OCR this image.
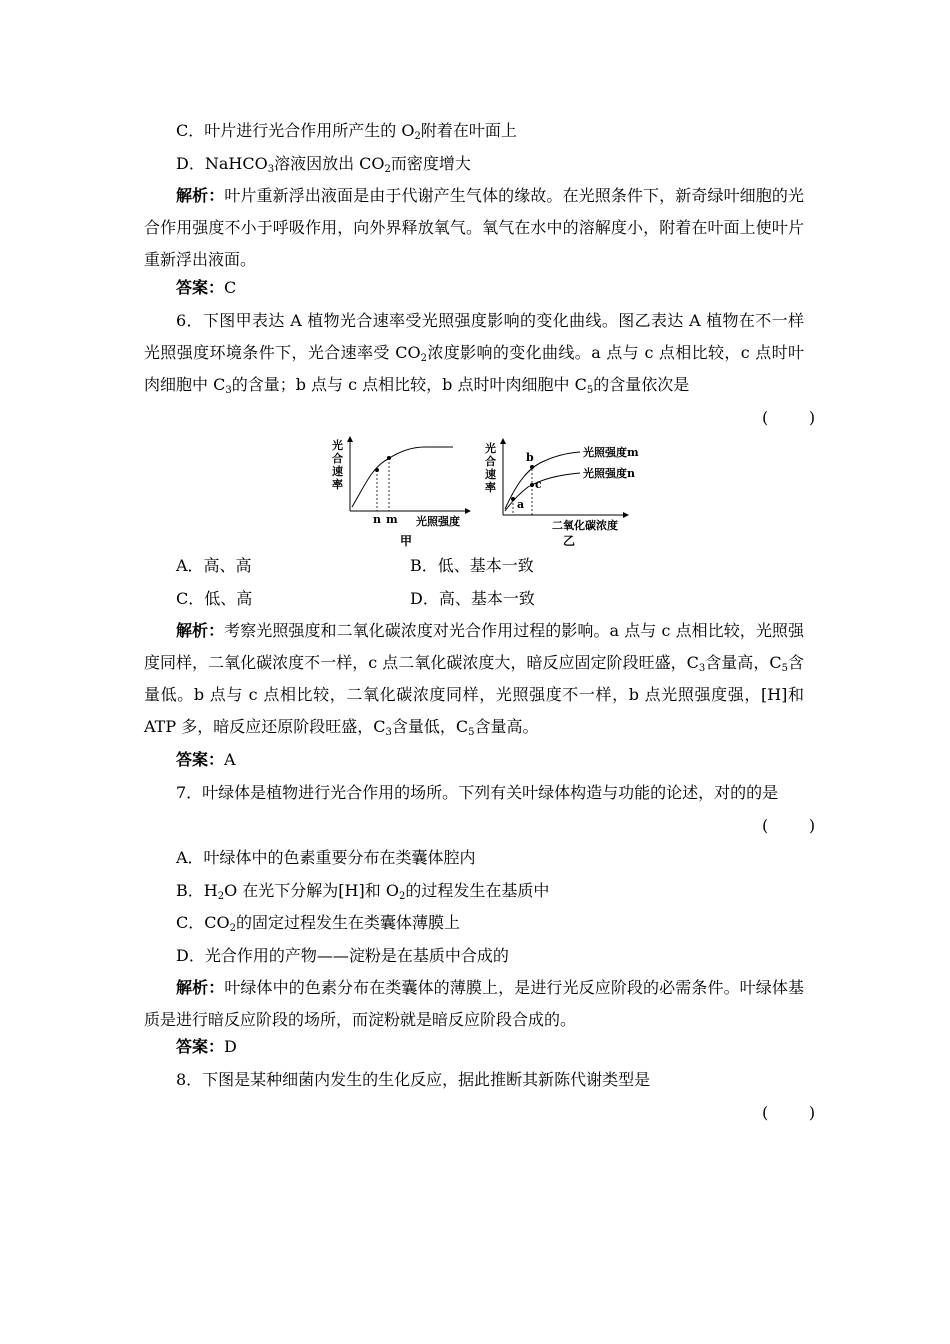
C．叶片进行光合作用所产生的 $O_2$附着在叶面上
D．NaHCO$_3$溶液因放出 $CO_2$而密度增大
解析：叶片重新浮出液面是由于代谢产生气体的缘故。在光照条件下，新奇绿叶细胞的光合作用强度不小于呼吸作用，向外界释放氧气。氧气在水中的溶解度小，附着在叶面上使叶片重新浮出液面。
答案：C
6．下图甲表达 A 植物光合速率受光照强度影响的变化曲线。图乙表达 A 植物在不一样光照强度环境条件下，光合速率受 $CO_2$浓度影响的变化曲线。a 点与 c 点相比较，c 点时叶肉细胞中 $C_3$的含量；b 点与 c 点相比较，b 点时叶肉细胞中 $C_5$的含量依次是
(        )
光
合
速
率
n m 光照强度
甲
光
合
速
率
a
b
c
光照强度m
光照强度n
二氧化碳浓度
乙
A．高、高	B．低、基本一致
C．低、高	D．高、基本一致
解析：考察光照强度和二氧化碳浓度对光合作用过程的影响。a 点与 c 点相比较，光照强度同样，二氧化碳浓度不一样，c 点二氧化碳浓度大，暗反应固定阶段旺盛，$C_3$含量高，$C_5$含量低。b 点与 c 点相比较，二氧化碳浓度同样，光照强度不一样，b 点光照强度强，[H]和 ATP 多，暗反应还原阶段旺盛，$C_3$含量低，$C_5$含量高。
答案：A
7．叶绿体是植物进行光合作用的场所。下列有关叶绿体构造与功能的论述，对的的是
(        )
A．叶绿体中的色素重要分布在类囊体腔内
B．$H_2O$ 在光下分解为[H]和 $O_2$的过程发生在基质中
C．$CO_2$的固定过程发生在类囊体薄膜上
D．光合作用的产物——淀粉是在基质中合成的
解析：叶绿体中的色素分布在类囊体的薄膜上，是进行光反应阶段的必需条件。叶绿体基质是进行暗反应阶段的场所，而淀粉就是暗反应阶段合成的。
答案：D
8．下图是某种细菌内发生的生化反应，据此推断其新陈代谢类型是
(        )
